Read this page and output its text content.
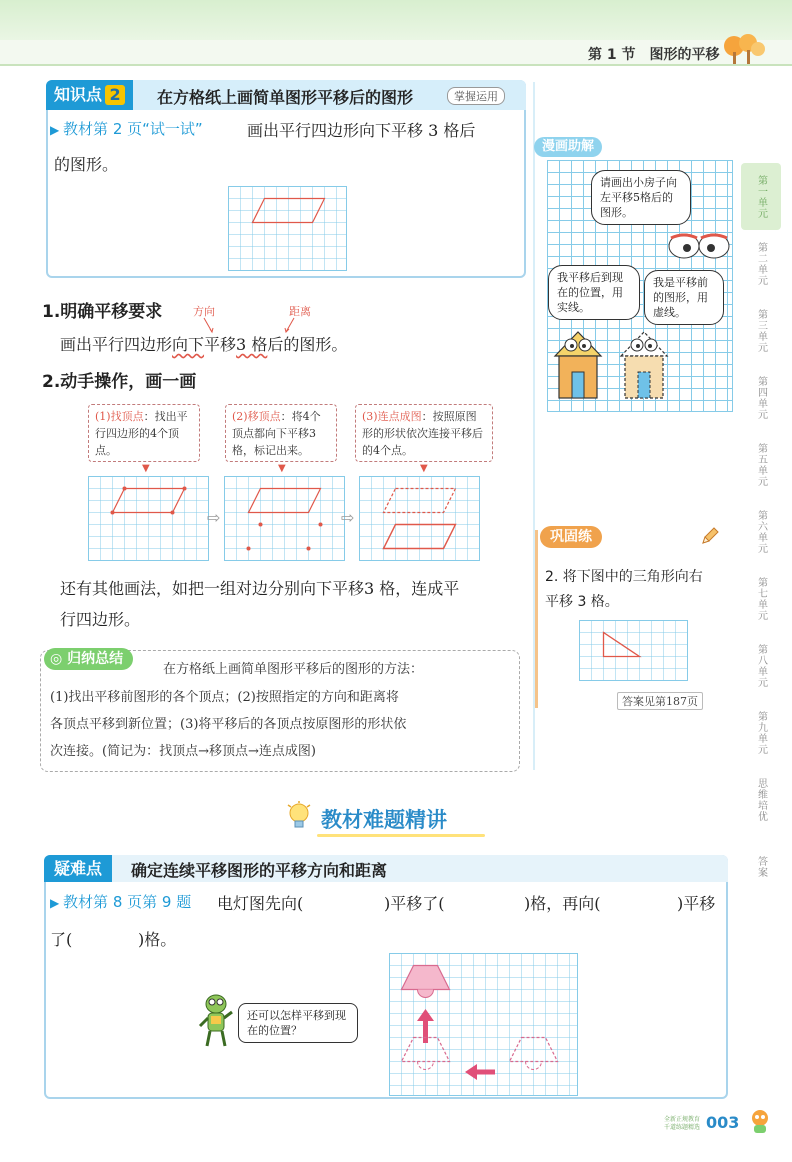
第 1 节　图形的平移
第一单元
第二单元
第三单元
第四单元
第五单元
第六单元
第七单元
第八单元
第九单元
思维培优
答案
知识点 2	在方格纸上画简单图形平移后的图形	掌握运用
▶ 教材第 2 页“试一试”	画出平行四边形向下平移 3 格后
的图形。
1.明确平移要求	方向	距离
画出平行四边形向下平移3 格后的图形。
2.动手操作，画一画
(1)找顶点：找出平行四边形的4个顶点。
(2)移顶点：将4个顶点都向下平移3格，标记出来。
(3)连点成图：按照原图形的形状依次连接平移后的4个点。
▼	▼	▼
⇨	⇨
还有其他画法，如把一组对边分别向下平移3 格，连成平
行四边形。
◎ 归纳总结
在方格纸上画简单图形平移后的图形的方法：
(1)找出平移前图形的各个顶点；(2)按照指定的方向和距离将
各顶点平移到新位置；(3)将平移后的各顶点按原图形的形状依
次连接。(简记为：找顶点→移顶点→连点成图)
漫画助解
请画出小房子向左平移5格后的图形。
我平移后到现在的位置，用实线。
我是平移前的图形，用虚线。
巩固练
2. 将下图中的三角形向右
平移 3 格。
答案见第187页
教材难题精讲
疑难点	确定连续平移图形的平移方向和距离
▶ 教材第 8 页第 9 题 电灯图先向(	)平移了(	)格，再向(	)平移
了(	)格。
还可以怎样平移到现在的位置？
全新正规教育
千道练题精选 003
